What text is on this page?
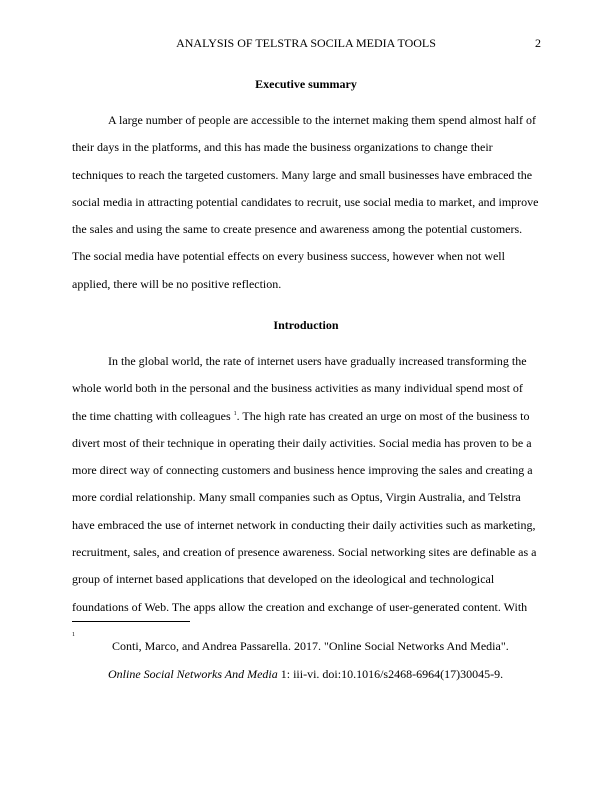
ANALYSIS OF TELSTRA SOCILA MEDIA TOOLS	2
Executive summary

A large number of people are accessible to the internet making them spend almost half of their days in the platforms, and this has made the business organizations to change their techniques to reach the targeted customers. Many large and small businesses have embraced the social media in attracting potential candidates to recruit, use social media to market, and improve the sales and using the same to create presence and awareness among the potential customers. The social media have potential effects on every business success, however when not well applied, there will be no positive reflection.

Introduction

In the global world, the rate of internet users have gradually increased transforming the whole world both in the personal and the business activities as many individual spend most of the time chatting with colleagues $^1$. The high rate has created an urge on most of the business to divert most of their technique in operating their daily activities. Social media has proven to be a more direct way of connecting customers and business hence improving the sales and creating a more cordial relationship. Many small companies such as Optus, Virgin Australia, and Telstra have embraced the use of internet network in conducting their daily activities such as marketing, recruitment, sales, and creation of presence awareness. Social networking sites are definable as a group of internet based applications that developed on the ideological and technological foundations of Web. The apps allow the creation and exchange of user-generated content. With

1
Conti, Marco, and Andrea Passarella. 2017. "Online Social Networks And Media".
Online Social Networks And Media 1: iii-vi. doi:10.1016/s2468-6964(17)30045-9.
